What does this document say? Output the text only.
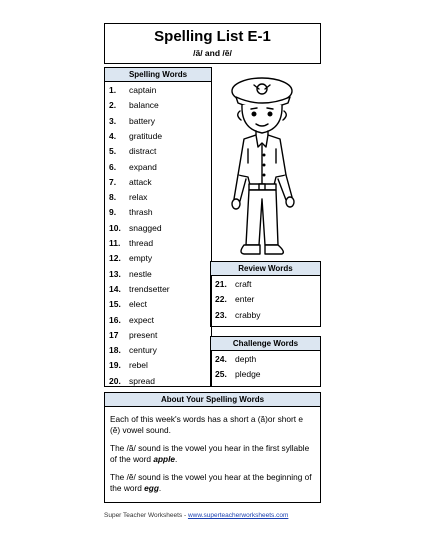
Spelling List E-1
/ă/ and /ĕ/
Spelling Words
1. captain
2. balance
3. battery
4. gratitude
5. distract
6. expand
7. attack
8. relax
9. thrash
10. snagged
11. thread
12. empty
13. nestle
14. trendsetter
15. elect
16. expect
17 present
18. century
19. rebel
20. spread
Review Words
21. craft
22. enter
23. crabby
Challenge Words
24. depth
25. pledge
About Your Spelling Words

Each of this week's words has a short a (ă)or short e (ĕ) vowel sound.

The /ă/ sound is the vowel you hear in the first syllable of the word apple.

The /ĕ/ sound is the vowel you hear at the beginning of the word egg.

Super Teacher Worksheets - www.superteacherworksheets.com
